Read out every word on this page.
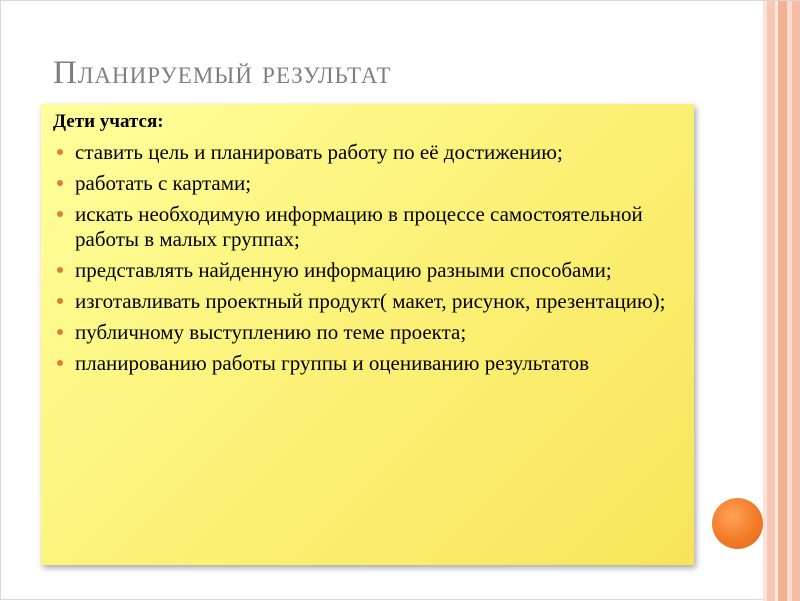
Планируемый результат
Дети учатся:
ставить цель и планировать работу по её достижению;
работать с картами;
искать необходимую информацию в процессе самостоятельной работы в малых группах;
представлять найденную информацию разными способами;
изготавливать проектный продукт( макет, рисунок, презентацию);
публичному выступлению по теме проекта;
планированию работы группы и оцениванию результатов
